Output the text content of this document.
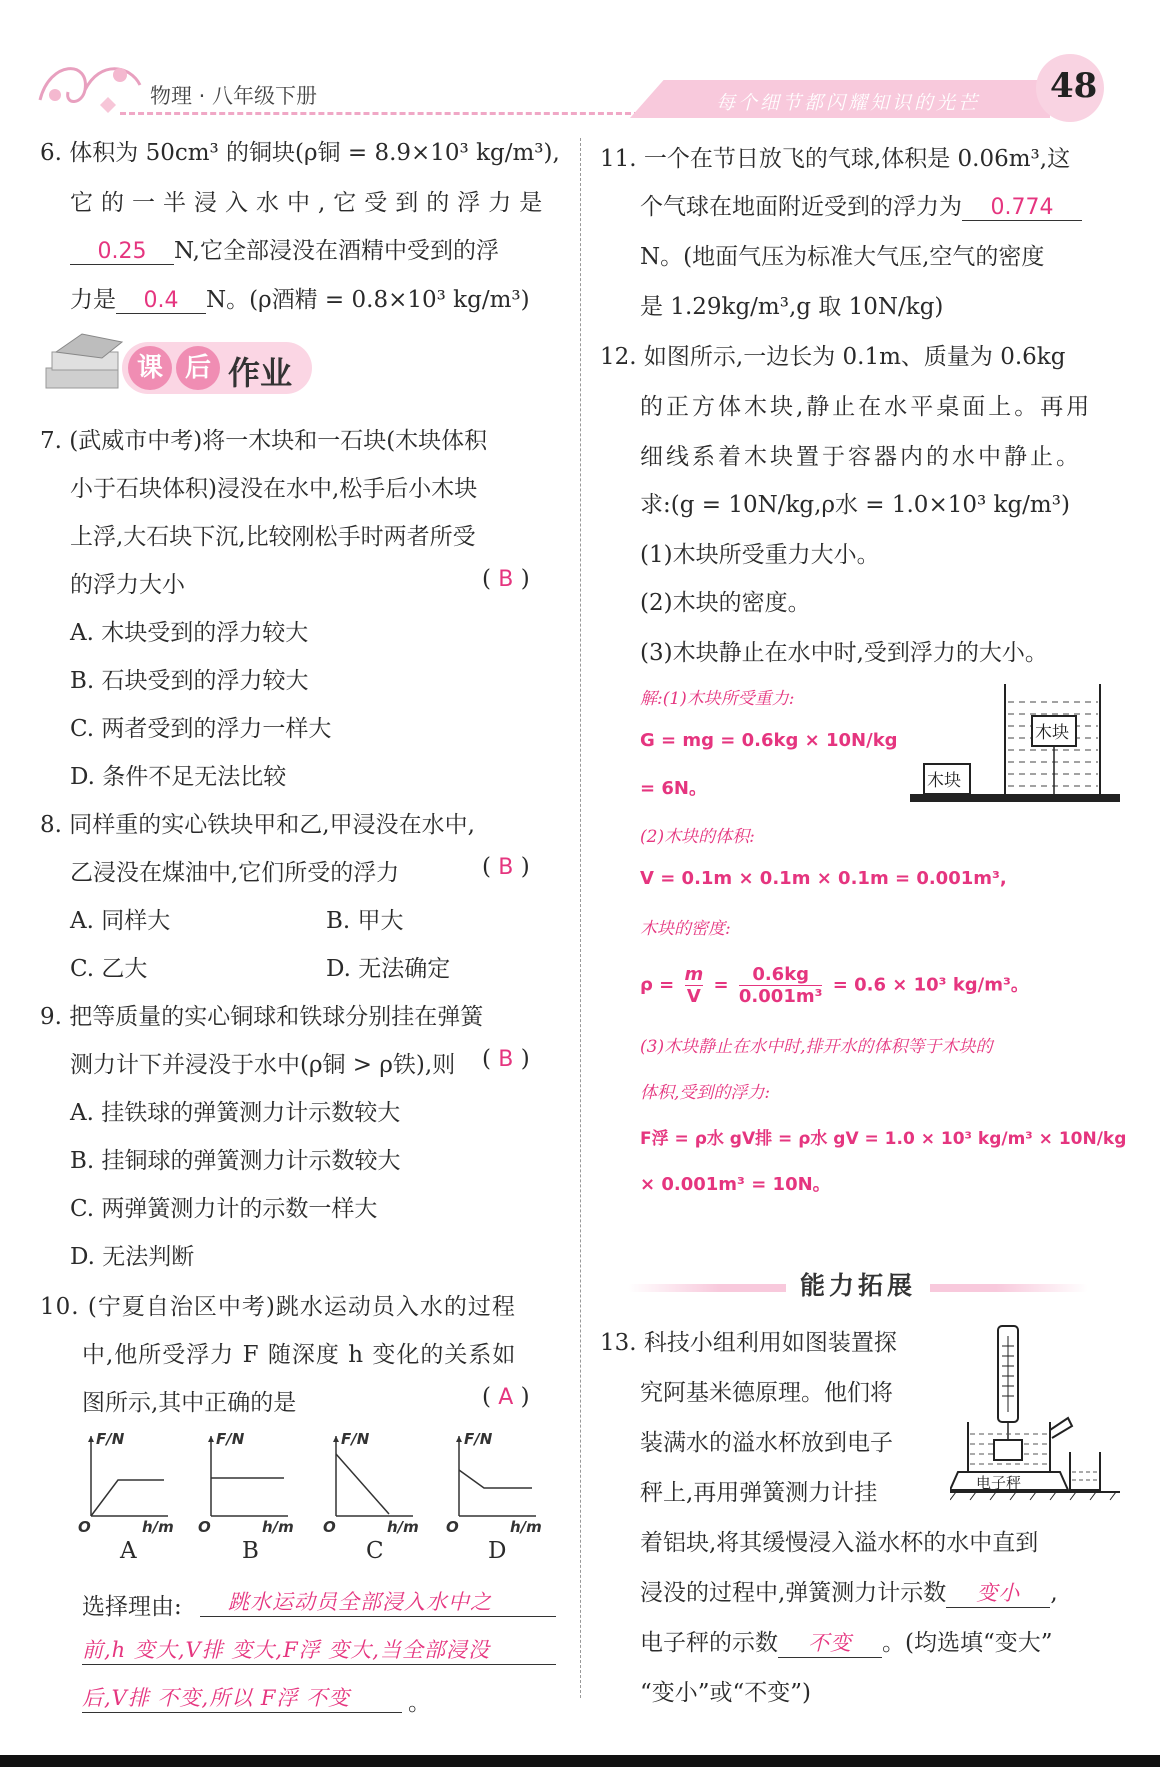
物理 · 八年级下册	每个细节都闪耀知识的光芒 48
6. 体积为 50cm³ 的铜块(ρ铜 = 8.9×10³ kg/m³),
它的一半浸入水中,它受到的浮力是
0.25 N,它全部浸没在酒精中受到的浮
力是 0.4 N。(ρ酒精 = 0.8×10³ kg/m³)
课 后 作业
7. (武威市中考)将一木块和一石块(木块体积
小于石块体积)浸没在水中,松手后小木块
上浮,大石块下沉,比较刚松手时两者所受
的浮力大小	( B )
A. 木块受到的浮力较大
B. 石块受到的浮力较大
C. 两者受到的浮力一样大
D. 条件不足无法比较
8. 同样重的实心铁块甲和乙,甲浸没在水中,
乙浸没在煤油中,它们所受的浮力	( B )
A. 同样大	B. 甲大
C. 乙大	D. 无法确定
9. 把等质量的实心铜球和铁球分别挂在弹簧
测力计下并浸没于水中(ρ铜 > ρ铁),则 ( B )
A. 挂铁球的弹簧测力计示数较大
B. 挂铜球的弹簧测力计示数较大
C. 两弹簧测力计的示数一样大
D. 无法判断
10. (宁夏自治区中考)跳水运动员入水的过程
中,他所受浮力 F 随深度 h 变化的关系如
图所示,其中正确的是	( A )
F/N
O	h/m
F/N
O	h/m
F/N
O	h/m
F/N
O	h/m
A	B	C	D
选择理由:	跳水运动员全部浸入水中之
前,h 变大,V排 变大,F浮 变大,当全部浸没
后,V排 不变,所以 F浮 不变	。
11. 一个在节日放飞的气球,体积是 0.06m³,这
个气球在地面附近受到的浮力为 0.774
N。(地面气压为标准大气压,空气的密度
是 1.29kg/m³,g 取 10N/kg)
12. 如图所示,一边长为 0.1m、质量为 0.6kg
的正方体木块,静止在水平桌面上。再用
细线系着木块置于容器内的水中静止。
求:(g = 10N/kg,ρ水 = 1.0×10³ kg/m³)
(1)木块所受重力大小。
(2)木块的密度。
(3)木块静止在水中时,受到浮力的大小。
木块
木块
解:(1)木块所受重力:
G = mg = 0.6kg × 10N/kg
= 6N。
(2)木块的体积:
V = 0.1m × 0.1m × 0.1m = 0.001m³,
木块的密度:
$\rho = \frac{m}{V} = \frac{0.6kg}{\text{0.001m³}} = 0.6 \times 10^3$ kg/m³。
(3)木块静止在水中时,排开水的体积等于木块的
体积,受到的浮力:
F浮 = ρ水 gV排 = ρ水 gV = 1.0 × 10³ kg/m³ × 10N/kg
× 0.001m³ = 10N。
能力拓展
13. 科技小组利用如图装置探
究阿基米德原理。他们将
装满水的溢水杯放到电子
秤上,再用弹簧测力计挂
着铝块,将其缓慢浸入溢水杯的水中直到
浸没的过程中,弹簧测力计示数 变小 ,
电子秤的示数 不变 。(均选填“变大”
“变小”或“不变”)
电子秤
